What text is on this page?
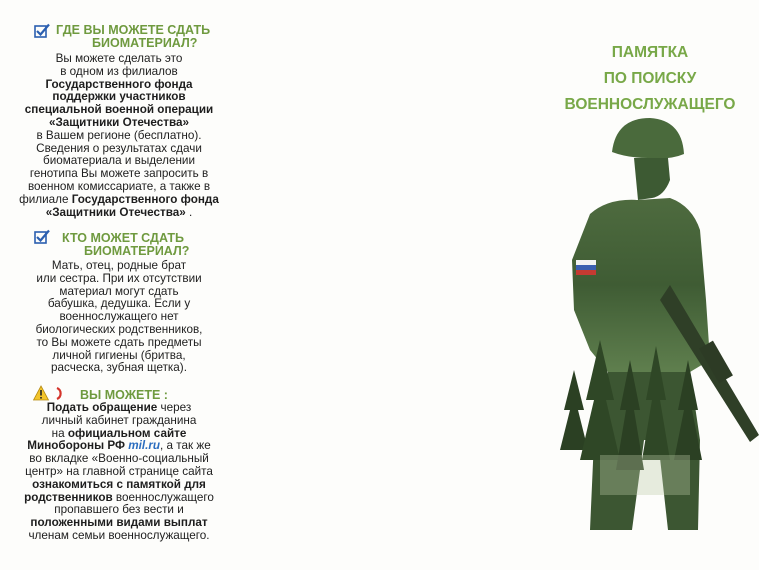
ГДЕ ВЫ МОЖЕТЕ СДАТЬ
БИОМАТЕРИАЛ?
Вы можете сделать это
в одном из филиалов
Государственного фонда
поддержки участников
специальной военной операции
«Защитники Отечества»
в Вашем регионе (бесплатно).
Сведения о результатах сдачи
биоматериала и выделении
генотипа Вы можете запросить в
военном комиссариате, а также в
филиале Государственного фонда
«Защитники Отечества» .
КТО МОЖЕТ СДАТЬ
БИОМАТЕРИАЛ?
Мать, отец, родные брат
или сестра. При их отсутствии
материал могут сдать
бабушка, дедушка. Если у
военнослужащего нет
биологических родственников,
то Вы можете сдать предметы
личной гигиены (бритва,
расческа, зубная щетка).
ВЫ МОЖЕТЕ :
Подать обращение через
личный кабинет гражданина
на официальном сайте
Минобороны РФ mil.ru, а так же
во вкладке «Военно-социальный
центр» на главной странице сайта
ознакомиться с памяткой для
родственников военнослужащего
пропавшего без вести и
положенными видами выплат
членам семьи военнослужащего.
ПАМЯТКА
ПО ПОИСКУ
ВОЕННОСЛУЖАЩЕГО
